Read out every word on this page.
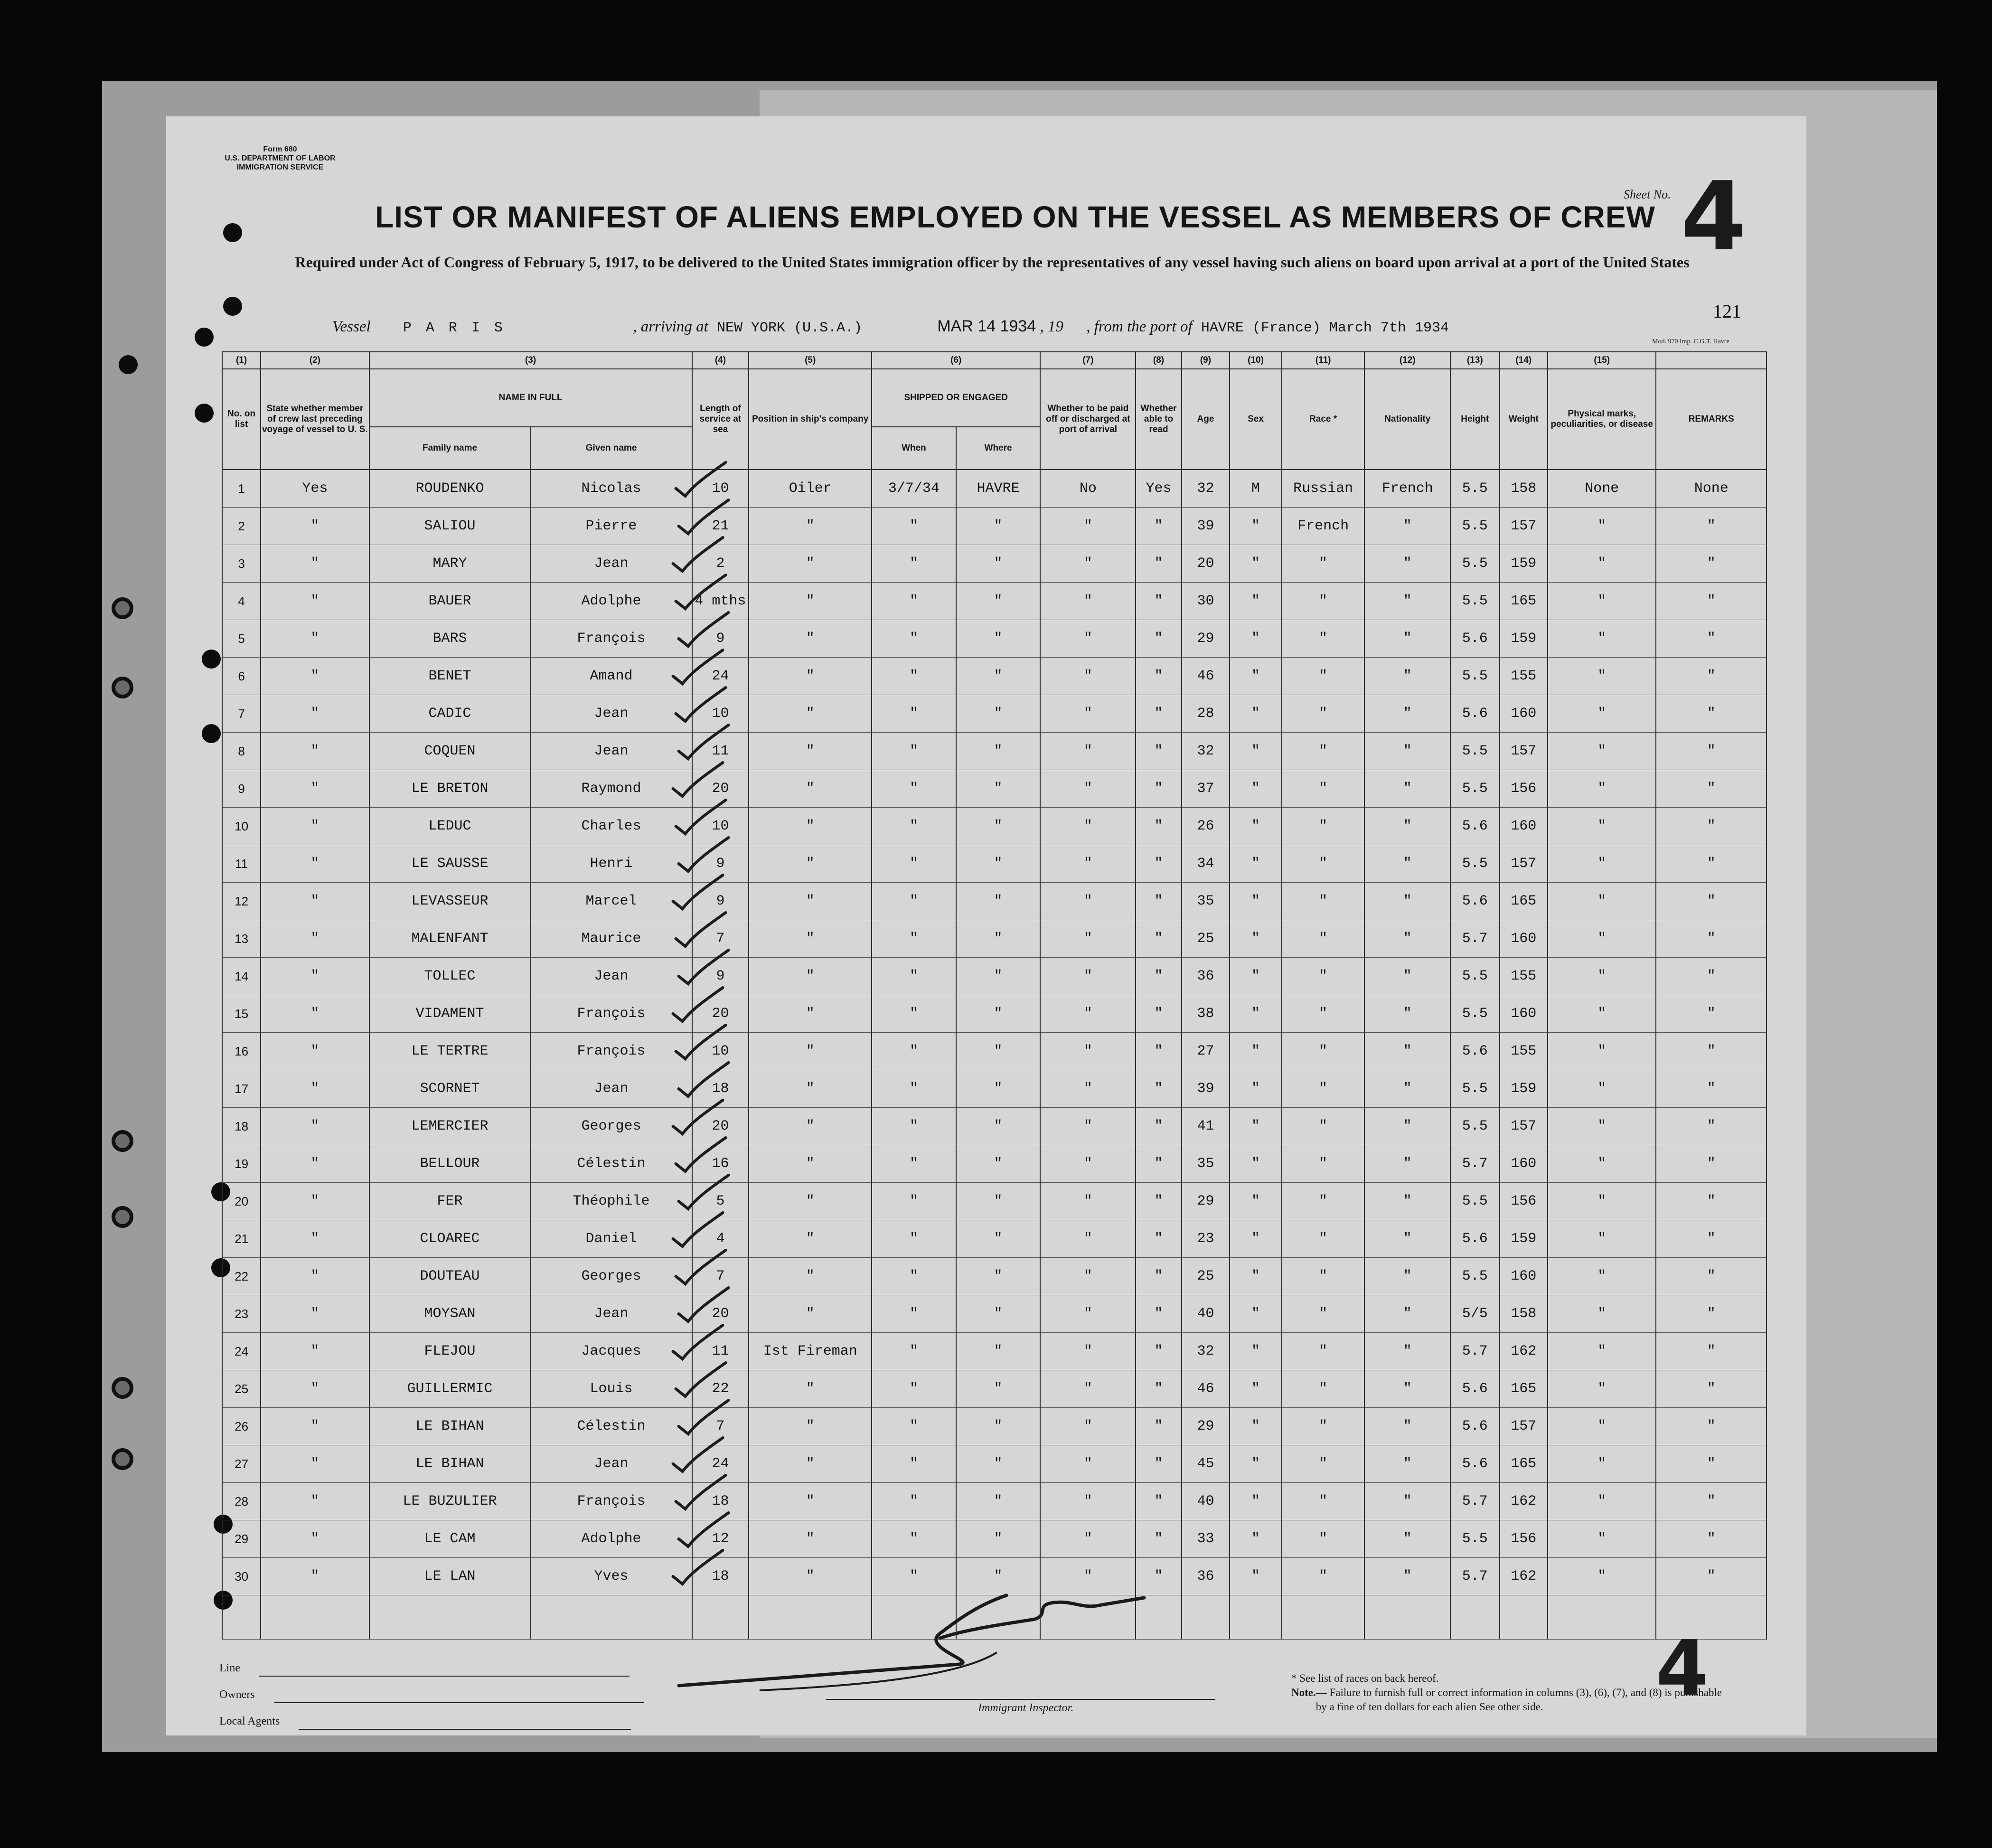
Form 680
U.S. DEPARTMENT OF LABOR
IMMIGRATION SERVICE
LIST OR MANIFEST OF ALIENS EMPLOYED ON THE VESSEL AS MEMBERS OF CREW
Sheet No. 4
Required under Act of Congress of February 5, 1917, to be delivered to the United States immigration officer by the representatives of any vessel having such aliens on board upon arrival at a port of the United States
Vessel P A R I S	, arriving at NEW YORK (U.S.A.)	MAR 14 1934 , 19 , from the port of HAVRE (France) March 7th 1934
121
Mod. 970 Imp. C.G.T. Havre
(1)	(2)	(3)		(4)	(5)	(6)		(7)	(8)	(9)	(10)	(11)	(12)	(13)	(14)	(15)	
No. on list	State whether member of crew last preceding voyage of vessel to U. S.	NAME IN FULL		Length of service at sea	Position in ship's company	SHIPPED OR ENGAGED		Whether to be paid off or discharged at port of arrival	Whether able to read	Age	Sex	Race *	Nationality	Height	Weight	Physical marks, peculiarities, or disease	REMARKS
		Family name	Given name			When	Where										
1	Yes	ROUDENKO	Nicolas	10	Oiler	3/7/34	HAVRE	No	Yes	32	M	Russian	French	5.5	158	None	None
2	"	SALIOU	Pierre	21	"	"	"	"	"	39	"	French	"	5.5	157	"	"
3	"	MARY	Jean	2	"	"	"	"	"	20	"	"	"	5.5	159	"	"
4	"	BAUER	Adolphe	4 mths	"	"	"	"	"	30	"	"	"	5.5	165	"	"
5	"	BARS	François	9	"	"	"	"	"	29	"	"	"	5.6	159	"	"
6	"	BENET	Amand	24	"	"	"	"	"	46	"	"	"	5.5	155	"	"
7	"	CADIC	Jean	10	"	"	"	"	"	28	"	"	"	5.6	160	"	"
8	"	COQUEN	Jean	11	"	"	"	"	"	32	"	"	"	5.5	157	"	"
9	"	LE BRETON	Raymond	20	"	"	"	"	"	37	"	"	"	5.5	156	"	"
10	"	LEDUC	Charles	10	"	"	"	"	"	26	"	"	"	5.6	160	"	"
11	"	LE SAUSSE	Henri	9	"	"	"	"	"	34	"	"	"	5.5	157	"	"
12	"	LEVASSEUR	Marcel	9	"	"	"	"	"	35	"	"	"	5.6	165	"	"
13	"	MALENFANT	Maurice	7	"	"	"	"	"	25	"	"	"	5.7	160	"	"
14	"	TOLLEC	Jean	9	"	"	"	"	"	36	"	"	"	5.5	155	"	"
15	"	VIDAMENT	François	20	"	"	"	"	"	38	"	"	"	5.5	160	"	"
16	"	LE TERTRE	François	10	"	"	"	"	"	27	"	"	"	5.6	155	"	"
17	"	SCORNET	Jean	18	"	"	"	"	"	39	"	"	"	5.5	159	"	"
18	"	LEMERCIER	Georges	20	"	"	"	"	"	41	"	"	"	5.5	157	"	"
19	"	BELLOUR	Célestin	16	"	"	"	"	"	35	"	"	"	5.7	160	"	"
20	"	FER	Théophile	5	"	"	"	"	"	29	"	"	"	5.5	156	"	"
21	"	CLOAREC	Daniel	4	"	"	"	"	"	23	"	"	"	5.6	159	"	"
22	"	DOUTEAU	Georges	7	"	"	"	"	"	25	"	"	"	5.5	160	"	"
23	"	MOYSAN	Jean	20	"	"	"	"	"	40	"	"	"	5/5	158	"	"
24	"	FLEJOU	Jacques	11	Ist Fireman	"	"	"	"	32	"	"	"	5.7	162	"	"
25	"	GUILLERMIC	Louis	22	"	"	"	"	"	46	"	"	"	5.6	165	"	"
26	"	LE BIHAN	Célestin	7	"	"	"	"	"	29	"	"	"	5.6	157	"	"
27	"	LE BIHAN	Jean	24	"	"	"	"	"	45	"	"	"	5.6	165	"	"
28	"	LE BUZULIER	François	18	"	"	"	"	"	40	"	"	"	5.7	162	"	"
29	"	LE CAM	Adolphe	12	"	"	"	"	"	33	"	"	"	5.5	156	"	"
30	"	LE LAN	Yves	18	"	"	"	"	"	36	"	"	"	5.7	162	"	"

Line
Owners
Local Agents
Immigrant Inspector.
* See list of races on back hereof.
Note.— Failure to furnish full or correct information in columns (3), (6), (7), and (8) is punishable by a fine of ten dollars for each alien See other side.	4
